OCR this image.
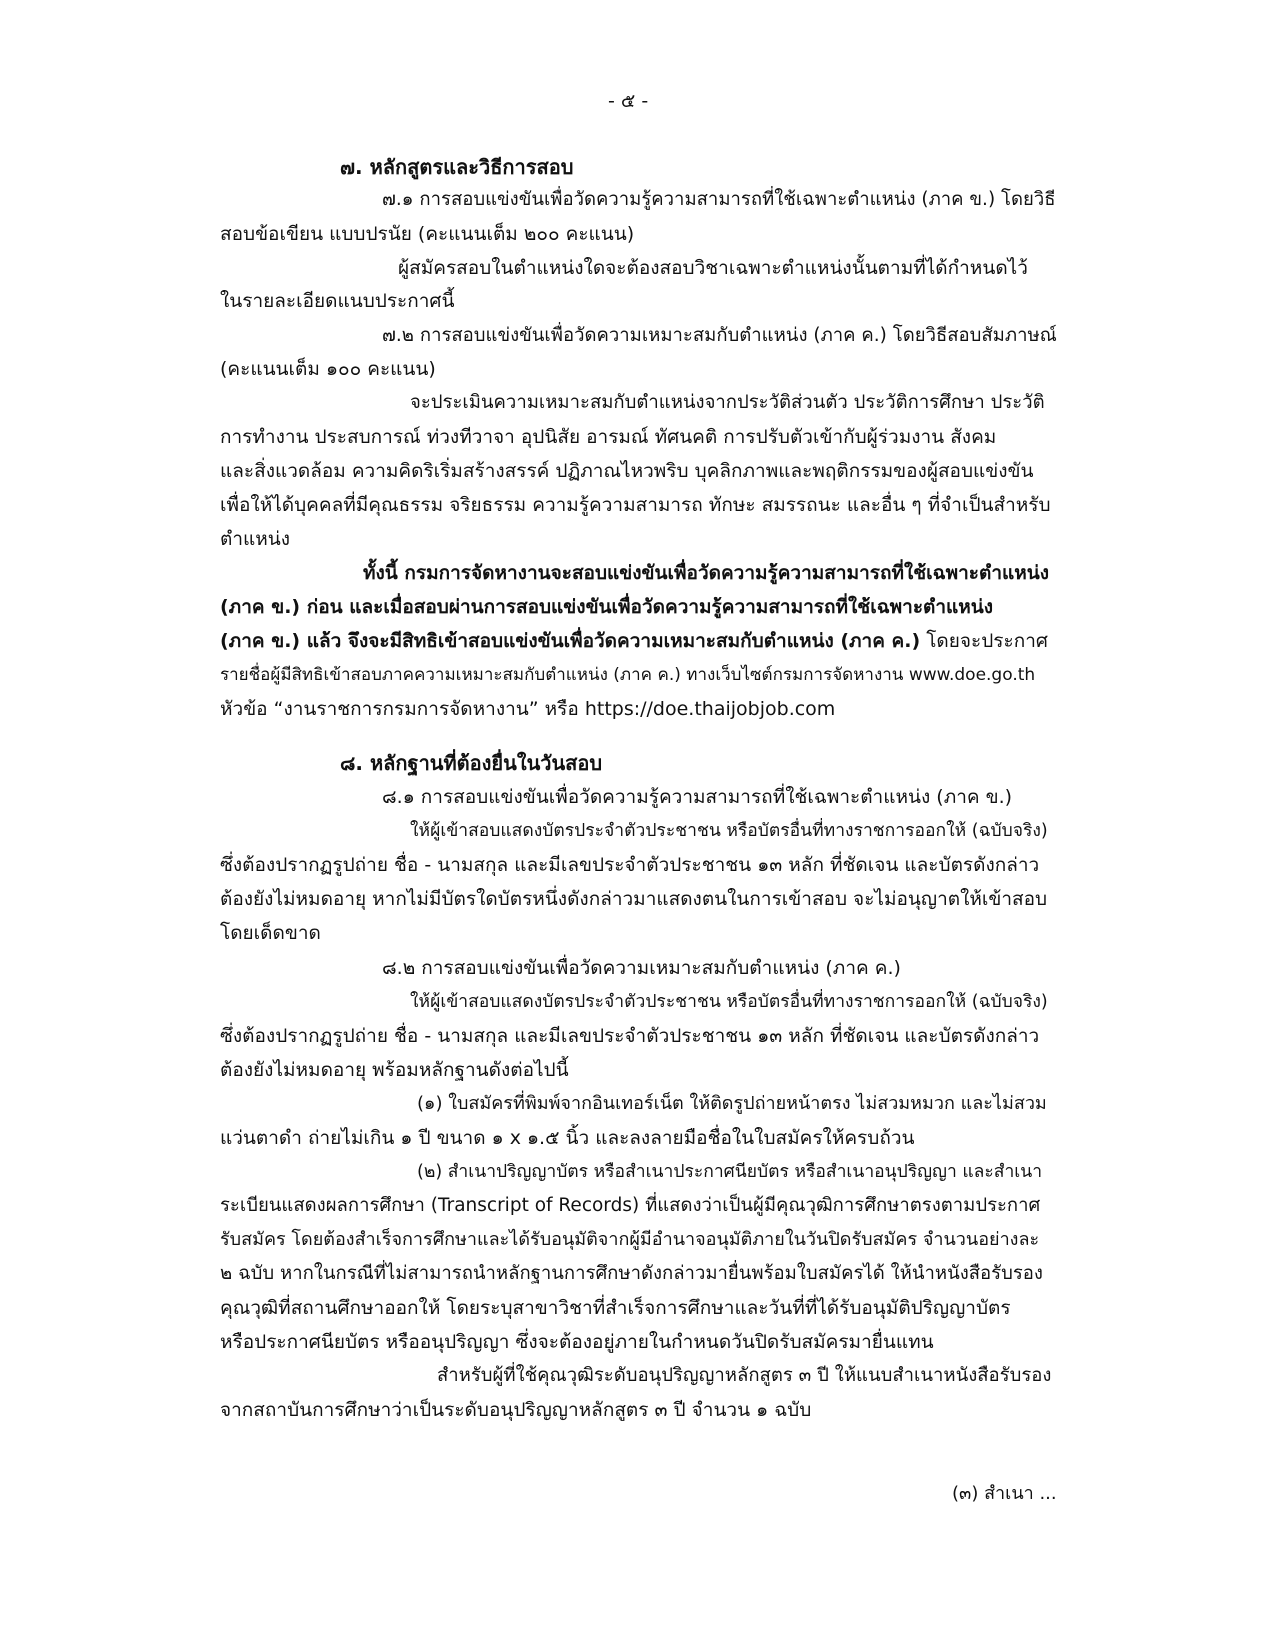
- ๕ -
๗. หลักสูตรและวิธีการสอบ
๗.๑ การสอบแข่งขันเพื่อวัดความรู้ความสามารถที่ใช้เฉพาะตำแหน่ง (ภาค ข.) โดยวิธี
สอบข้อเขียน แบบปรนัย (คะแนนเต็ม ๒๐๐ คะแนน)
ผู้สมัครสอบในตำแหน่งใดจะต้องสอบวิชาเฉพาะตำแหน่งนั้นตามที่ได้กำหนดไว้
ในรายละเอียดแนบประกาศนี้
๗.๒ การสอบแข่งขันเพื่อวัดความเหมาะสมกับตำแหน่ง (ภาค ค.) โดยวิธีสอบสัมภาษณ์
(คะแนนเต็ม ๑๐๐ คะแนน)
จะประเมินความเหมาะสมกับตำแหน่งจากประวัติส่วนตัว ประวัติการศึกษา ประวัติ
การทำงาน ประสบการณ์ ท่วงทีวาจา อุปนิสัย อารมณ์ ทัศนคติ การปรับตัวเข้ากับผู้ร่วมงาน สังคม
และสิ่งแวดล้อม ความคิดริเริ่มสร้างสรรค์ ปฏิภาณไหวพริบ บุคลิกภาพและพฤติกรรมของผู้สอบแข่งขัน
เพื่อให้ได้บุคคลที่มีคุณธรรม จริยธรรม ความรู้ความสามารถ ทักษะ สมรรถนะ และอื่น ๆ ที่จำเป็นสำหรับ
ตำแหน่ง
ทั้งนี้ กรมการจัดหางานจะสอบแข่งขันเพื่อวัดความรู้ความสามารถที่ใช้เฉพาะตำแหน่ง
(ภาค ข.) ก่อน และเมื่อสอบผ่านการสอบแข่งขันเพื่อวัดความรู้ความสามารถที่ใช้เฉพาะตำแหน่ง
(ภาค ข.) แล้ว จึงจะมีสิทธิเข้าสอบแข่งขันเพื่อวัดความเหมาะสมกับตำแหน่ง (ภาค ค.) โดยจะประกาศ
รายชื่อผู้มีสิทธิเข้าสอบภาคความเหมาะสมกับตำแหน่ง (ภาค ค.) ทางเว็บไซต์กรมการจัดหางาน www.doe.go.th
หัวข้อ “งานราชการกรมการจัดหางาน” หรือ https://doe.thaijobjob.com
๘. หลักฐานที่ต้องยื่นในวันสอบ
๘.๑ การสอบแข่งขันเพื่อวัดความรู้ความสามารถที่ใช้เฉพาะตำแหน่ง (ภาค ข.)
ให้ผู้เข้าสอบแสดงบัตรประจำตัวประชาชน หรือบัตรอื่นที่ทางราชการออกให้ (ฉบับจริง)
ซึ่งต้องปรากฏรูปถ่าย ชื่อ - นามสกุล และมีเลขประจำตัวประชาชน ๑๓ หลัก ที่ชัดเจน และบัตรดังกล่าว
ต้องยังไม่หมดอายุ หากไม่มีบัตรใดบัตรหนึ่งดังกล่าวมาแสดงตนในการเข้าสอบ จะไม่อนุญาตให้เข้าสอบ
โดยเด็ดขาด
๘.๒ การสอบแข่งขันเพื่อวัดความเหมาะสมกับตำแหน่ง (ภาค ค.)
ให้ผู้เข้าสอบแสดงบัตรประจำตัวประชาชน หรือบัตรอื่นที่ทางราชการออกให้ (ฉบับจริง)
ซึ่งต้องปรากฏรูปถ่าย ชื่อ - นามสกุล และมีเลขประจำตัวประชาชน ๑๓ หลัก ที่ชัดเจน และบัตรดังกล่าว
ต้องยังไม่หมดอายุ พร้อมหลักฐานดังต่อไปนี้
(๑) ใบสมัครที่พิมพ์จากอินเทอร์เน็ต ให้ติดรูปถ่ายหน้าตรง ไม่สวมหมวก และไม่สวม
แว่นตาดำ ถ่ายไม่เกิน ๑ ปี ขนาด ๑ x ๑.๕ นิ้ว และลงลายมือชื่อในใบสมัครให้ครบถ้วน
(๒) สำเนาปริญญาบัตร หรือสำเนาประกาศนียบัตร หรือสำเนาอนุปริญญา และสำเนา
ระเบียนแสดงผลการศึกษา (Transcript of Records) ที่แสดงว่าเป็นผู้มีคุณวุฒิการศึกษาตรงตามประกาศ
รับสมัคร โดยต้องสำเร็จการศึกษาและได้รับอนุมัติจากผู้มีอำนาจอนุมัติภายในวันปิดรับสมัคร จำนวนอย่างละ
๒ ฉบับ หากในกรณีที่ไม่สามารถนำหลักฐานการศึกษาดังกล่าวมายื่นพร้อมใบสมัครได้ ให้นำหนังสือรับรอง
คุณวุฒิที่สถานศึกษาออกให้ โดยระบุสาขาวิชาที่สำเร็จการศึกษาและวันที่ที่ได้รับอนุมัติปริญญาบัตร
หรือประกาศนียบัตร หรืออนุปริญญา ซึ่งจะต้องอยู่ภายในกำหนดวันปิดรับสมัครมายื่นแทน
สำหรับผู้ที่ใช้คุณวุฒิระดับอนุปริญญาหลักสูตร ๓ ปี ให้แนบสำเนาหนังสือรับรอง
จากสถาบันการศึกษาว่าเป็นระดับอนุปริญญาหลักสูตร ๓ ปี จำนวน ๑ ฉบับ
(๓) สำเนา ...
